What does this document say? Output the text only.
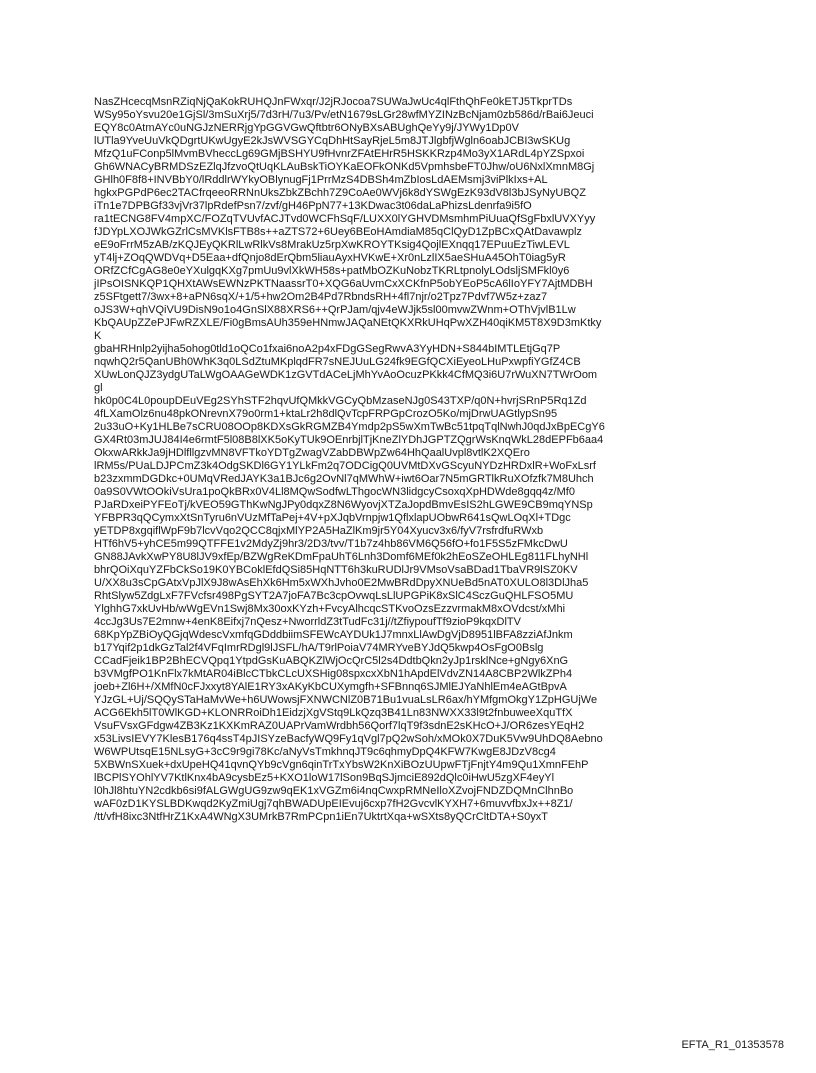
NasZHcecqMsnRZiqNjQaKokRUHQJnFWxqr/J2jRJocoa7SUWaJwUc4qlFthQhFe0kETJ5TkprTDs
WSy95oYsvu20e1GjSl/3mSuXrj5/7d3rH/7u3/Pv/etN1679sLGr28wfMYZINzBcNjam0zb586d/rBai6Jeuci
EQY8c0AtmAYc0uNGJzNERRjgYpGGVGwQftbtr6ONyBXsABUghQeYy9j/JYWy1Dp0V
lUTla9YveUuVkQDgrtUKwUgyE2kJsWVSGYCqDhHtSayRjeL5m8JTJlgbfjWgln6oabJCBI3wSKUg
MfzQ1uFConp5lMvmBVheccLg69GMjBSHYU9fHvnrZFAtEHrR5HSKKRzp4Mo3yX1ARdL4pYZSpxoi
Gh6WNACyBRMDSzEZlqJfzvoQtUqKLAuBskTiOYKaEOFkONKd5VpmhsbeFT0Jhw/oU6NxlXmnM8Gj
GHlh0F8f8+INVBbY0/lRddlrWYkyOBlynugFj1PrrMzS4DBSh4mZbIosLdAEMsmj3viPlkIxs+AL
hgkxPGPdP6ec2TACfrqeeoRRNnUksZbkZBchh7Z9CoAe0WVj6k8dYSWgEzK93dV8l3bJSyNyUBQZ
iTn1e7DPBGf33vjVr37lpRdefPsn7/zvf/gH46PpN77+13KDwac3t06daLaPhizsLdenrfa9i5fO
ra1tECNG8FV4mpXC/FOZqTVUvfACJTvd0WCFhSqF/LUXX0lYGHVDMsmhmPiUuaQfSgFbxlUVXYyy
fJDYpLXOJWkGZrlCsMVKlsFTB8s++aZTS72+6Uey6BEoHAmdiaM85qClQyD1ZpBCxQAtDavawplz
eE9oFrrM5zAB/zKQJEyQKRlLwRlkVs8MrakUz5rpXwKROYTKsig4QojlEXnqq17EPuuEzTiwLEVL
yT4lj+ZOqQWDVq+D5Eaa+dfQnjo8dErQbm5liauAyxHVKwE+Xr0nLzlIX5aeSHuA45OhT0iag5yR
ORfZCfCgAG8e0eYXulgqKXg7pmUu9vlXkWH58s+patMbOZKuNobzTKRLtpnolyLOdsljSMFkl0y6
jIPsOISNKQP1QHXtAWsEWNzPKTNaassrT0+XQG6aUvmCxXCKfnP5obYEoP5cA6lIoYFY7AjtMDBH
z5SFtgett7/3wx+8+aPN6sqX/+1/5+hw2Om2B4Pd7RbndsRH+4fl7njr/o2Tpz7Pdvf7W5z+zaz7
oJS3W+qhVQiVU9DisN9o1o4GnSlX88XRS6++QrPJam/qjv4eWJjk5sl00mvwZWnm+OThVjvlB1Lw
KbQAUpZZePJFwRZXLE/Fi0gBmsAUh359eHNmwJAQaNEtQKXRkUHqPwXZH40qiKM5T8X9D3mKtky
K
gbaHRHnlp2yijha5ohog0tld1oQCo1fxai6noA2p4xFDgGSegRwvA3YyHDN+S844bIMTLEtjGq7P
nqwhQ2r5QanUBh0WhK3q0LSdZtuMKplqdFR7sNEJUuLG24fk9EGfQCXiEyeoLHuPxwpfiYGfZ4CB
XUwLonQJZ3ydgUTaLWgOAAGeWDK1zGVTdACeLjMhYvAoOcuzPKkk4CfMQ3i6U7rWuXN7TWrOom
gl
hk0p0C4L0poupDEuVEg2SYhSTF2hqvUfQMkkVGCyQbMzaseNJg0S43TXP/q0N+hvrjSRnP5Rq1Zd
4fLXamOlz6nu48pkONrevnX79o0rm1+ktaLr2h8dlQvTcpFRPGpCrozO5Ko/mjDrwUAGtlypSn95
2u33uO+Ky1HLBe7sCRU08OOp8KDXsGkRGMZB4Ymdp2pS5wXmTwBc51tpqTqlNwhJ0qdJxBpECgY6
GX4Rt03mJUJ84I4e6rmtF5l08B8lXK5oKyTUk9OEnrbjlTjKneZlYDhJGPTZQgrWsKnqWkL28dEPFb6aa4
OkxwARkkJa9jHDlfllgzvMN8VFTkoYDTgZwagVZabDBWpZw64HhQaalUvpl8vtlK2XQEro
lRM5s/PUaLDJPCmZ3k4OdgSKDl6GY1YLkFm2q7ODCigQ0UVMtDXvGScyuNYDzHRDxlR+WoFxLsrf
b23zxmmDGDkc+0UMqVRedJAYK3a1BJc6g2OvNl7qMWhW+iwt6Oar7N5mGRTlkRuXOfzfk7M8Uhch
0a9S0VWtOOkiVsUra1poQkBRx0V4Ll8MQwSodfwLThgocWN3lidgcyCsoxqXpHDWde8gqq4z/Mf0
PJaRDxeiPYFEoTj/kVEO59GThKwNgJPy0dqxZ8N6WyovjXTZaJopdBmvEsIS2hLGWE9CB9mqYNSp
YFBPR3qQCymxXtSnTyru6nVUzMfTaPej+4V+pXJqbVrnpjw1QflxlapUObwR641sQwLOqXl+TDgc
yETDP8xgqiflWpF9b7lcvVqo2QCC8qjxMlYP2A5HaZlKm9jr5Y04Xyucv3x6/fyV7rsfrdfuRWxb
HTf6hV5+yhCE5m99QTFFE1v2MdyZj9hr3/2D3/tvv/T1b7z4hb86VM6Q56fO+fo1F5S5zFMkcDwU
GN88JAvkXwPY8U8lJV9xfEp/BZWgReKDmFpaUhT6Lnh3Domf6MEf0k2hEoSZeOHLEg811FLhyNHl
bhrQOiXquYZFbCkSo19K0YBCoklEfdQSi85HqNTT6h3kuRUDlJr9VMsoVsaBDad1TbaVR9lSZ0KV
U/XX8u3sCpGAtxVpJlX9J8wAsEhXk6Hm5xWXhJvho0E2MwBRdDpyXNUeBd5nAT0XULO8l3DlJha5
RhtSlyw5ZdgLxF7FVcfsr498PgSYT2A7joFA7Bc3cpOvwqLsLlUPGPiK8xSlC4SczGuQHLFSO5MU
YlghhG7xkUvHb/wWgEVn1Swj8Mx30oxKYzh+FvcyAlhcqcSTKvoOzsEzzvrmakM8xOVdcst/xMhi
4ccJg3Us7E2mnw+4enK8Eifxj7nQesz+NworrldZ3tTudFc31j//tZfiypoufTf9zioP9kqxDlTV
68KpYpZBiOyQGjqWdescVxmfqGDddbiimSFEWcAYDUk1J7mnxLlAwDgVjD8951lBFA8zziAfJnkm
b17Yqif2p1dkGzTal2f4VFqImrRDgl9lJSFL/hA/T9rlPoiaV74MRYveBYJdQ5kwp4OsFgO0Bslg
CCadFjeik1BP2BhECVQpq1YtpdGsKuABQKZlWjOcQrC5l2s4DdtbQkn2yJp1rsklNce+gNgy6XnG
b3VMgfPO1KnFlx7kMtAR04iBlcCTbkCLcUXSHig08spxcxXbN1hApdElVdvZN14A8CBP2WlkZPh4
joeb+Zl6H+/XMfN0cFJxxyt8YAlE1RY3xAKyKbCUXymgfh+SFBnnq6SJMlEJYaNhlEm4eAGtBpvA
YJzGL+Uj/SQQySTaHaMvWe+h6UWowsjFXNWCNlZ0B71Bu1vuaLsLR6ax/hYMfgmOkgY1ZpHGUjWe
ACG6Ekh5lT0WlKGD+KLONRRoiDh1EidzjXgVStq9LkQzq3B41Ln83NWXX33l9t2fnbuweeXquTfX
VsuFVsxGFdgw4ZB3Kz1KXKmRAZ0UAPrVamWrdbh56Qorf7lqT9f3sdnE2sKHcO+J/OR6zesYEqH2
x53LivsIEVY7KlesB176q4ssT4pJISYzeBacfyWQ9Fy1qVgl7pQ2wSoh/xMOk0X7DuK5Vw9UhDQ8Aebno
W6WPUtsqE15NLsyG+3cC9r9gi78Kc/aNyVsTmkhnqJT9c6qhmyDpQ4KFW7KwgE8JDzV8cg4
5XBWnSXuek+dxUpeHQ41qvnQYb9cVgn6qinTrTxYbsW2KnXiBOzUUpwFTjFnjtY4m9Qu1XmnFEhP
lBCPlSYOhlYV7KtlKnx4bA9cysbEz5+KXO1loW17lSon9BqSJjmciE892dQlc0iHwU5zgXF4eyYl
l0hJl8htuYN2cdkb6si9fALGWgUG9zw9qEK1xVGZm6i4nqCwxpRMNeIloXZvojFNDZDQMnClhnBo
wAF0zD1KYSLBDKwqd2KyZmiUgj7qhBWADUpEIEvuj6cxp7fH2GvcvlKYXH7+6muvvfbxJx++8Z1/
/tt/vfH8ixc3NtfHrZ1KxA4WNgX3UMrkB7RmPCpn1iEn7UktrtXqa+wSXts8yQCrCltDTA+S0yxT
EFTA_R1_01353578
